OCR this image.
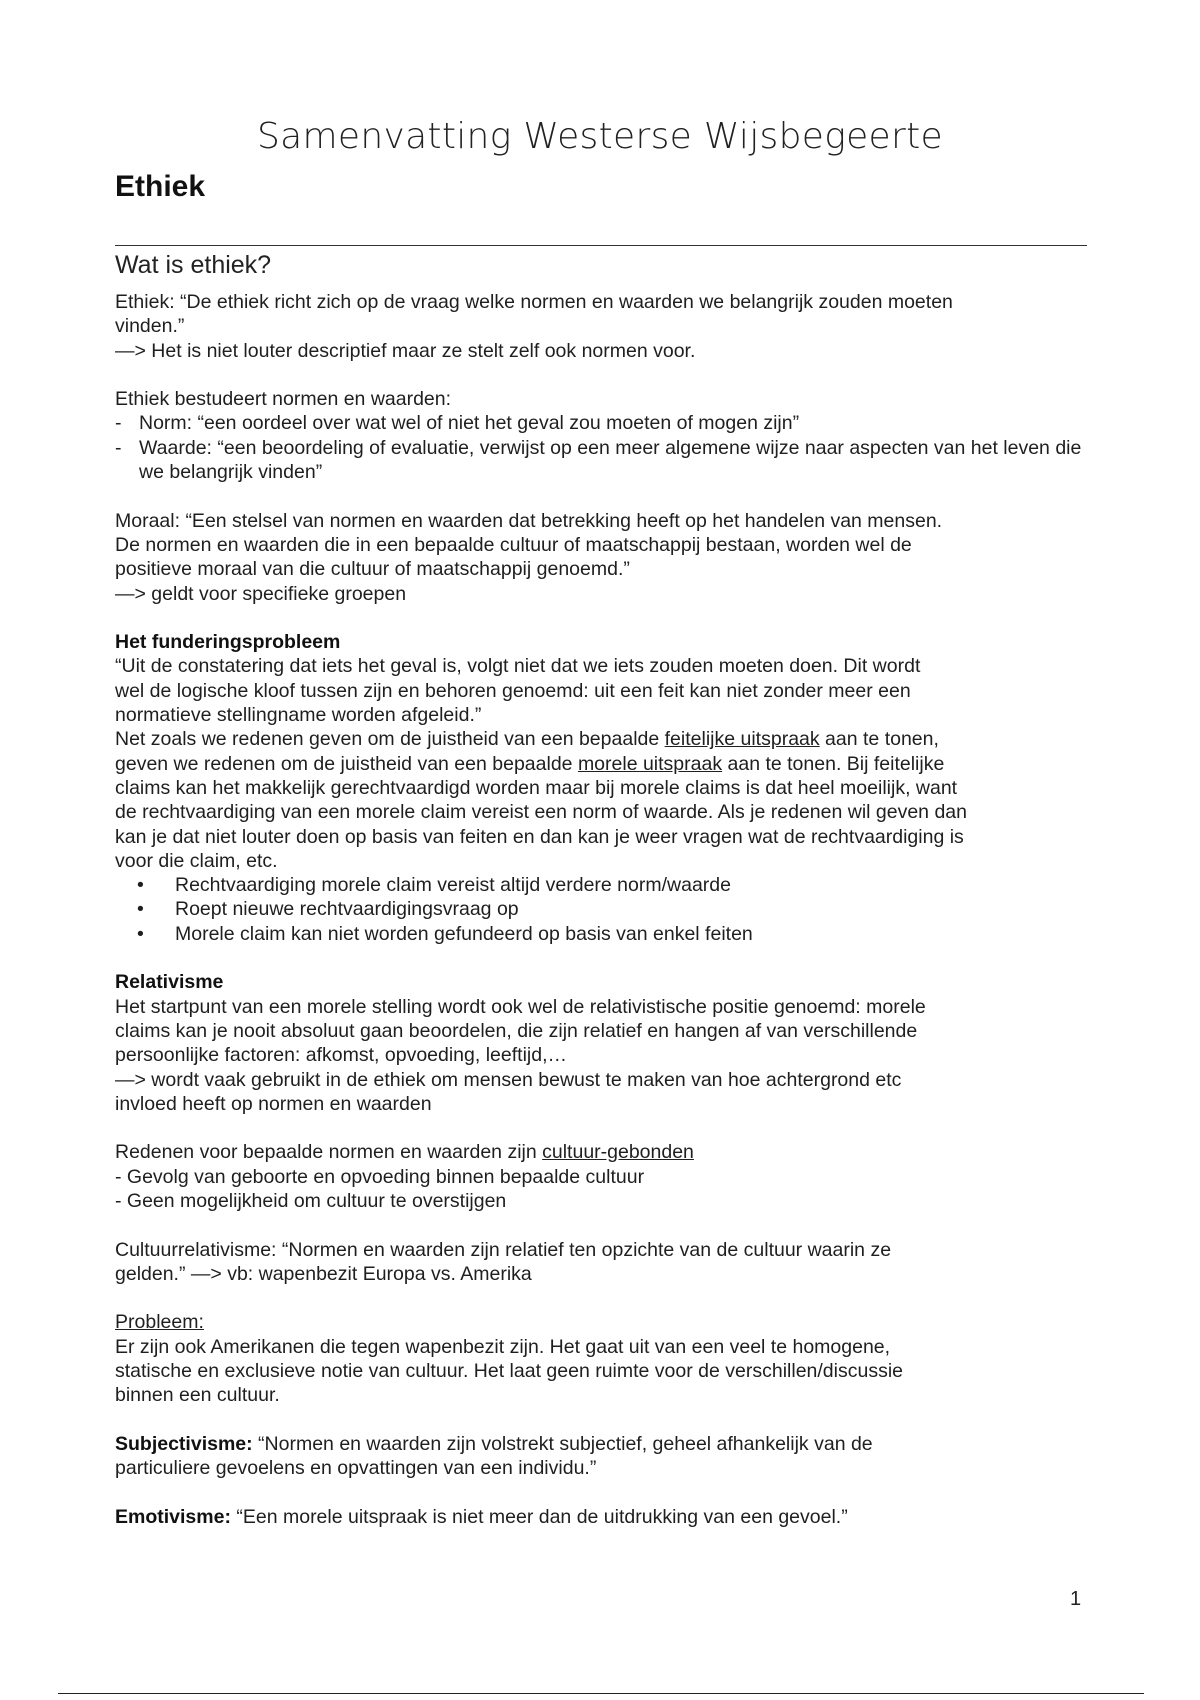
Samenvatting Westerse Wijsbegeerte
Ethiek
Wat is ethiek?

Ethiek: “De ethiek richt zich op de vraag welke normen en waarden we belangrijk zouden moeten

vinden.”

—> Het is niet louter descriptief maar ze stelt zelf ook normen voor.

Ethiek bestudeert normen en waarden:

- Norm: “een oordeel over wat wel of niet het geval zou moeten of mogen zijn”
- Waarde: “een beoordeling of evaluatie, verwijst op een meer algemene wijze naar aspecten van het leven die we belangrijk vinden”

Moraal: “Een stelsel van normen en waarden dat betrekking heeft op het handelen van mensen.

De normen en waarden die in een bepaalde cultuur of maatschappij bestaan, worden wel de

positieve moraal van die cultuur of maatschappij genoemd.”

—> geldt voor specifieke groepen

Het funderingsprobleem

“Uit de constatering dat iets het geval is, volgt niet dat we iets zouden moeten doen. Dit wordt

wel de logische kloof tussen zijn en behoren genoemd: uit een feit kan niet zonder meer een

normatieve stellingname worden afgeleid.”

Net zoals we redenen geven om de juistheid van een bepaalde feitelijke uitspraak aan te tonen,

geven we redenen om de juistheid van een bepaalde morele uitspraak aan te tonen. Bij feitelijke

claims kan het makkelijk gerechtvaardigd worden maar bij morele claims is dat heel moeilijk, want

de rechtvaardiging van een morele claim vereist een norm of waarde. Als je redenen wil geven dan

kan je dat niet louter doen op basis van feiten en dan kan je weer vragen wat de rechtvaardiging is

voor die claim, etc.

• Rechtvaardiging morele claim vereist altijd verdere norm/waarde
• Roept nieuwe rechtvaardigingsvraag op
• Morele claim kan niet worden gefundeerd op basis van enkel feiten

Relativisme

Het startpunt van een morele stelling wordt ook wel de relativistische positie genoemd: morele

claims kan je nooit absoluut gaan beoordelen, die zijn relatief en hangen af van verschillende

persoonlijke factoren: afkomst, opvoeding, leeftijd,…

—> wordt vaak gebruikt in de ethiek om mensen bewust te maken van hoe achtergrond etc

invloed heeft op normen en waarden

Redenen voor bepaalde normen en waarden zijn cultuur-gebonden

- Gevolg van geboorte en opvoeding binnen bepaalde cultuur

- Geen mogelijkheid om cultuur te overstijgen

Cultuurrelativisme: “Normen en waarden zijn relatief ten opzichte van de cultuur waarin ze

gelden.” —> vb: wapenbezit Europa vs. Amerika

Probleem:

Er zijn ook Amerikanen die tegen wapenbezit zijn. Het gaat uit van een veel te homogene,

statische en exclusieve notie van cultuur. Het laat geen ruimte voor de verschillen/discussie

binnen een cultuur.

Subjectivisme: “Normen en waarden zijn volstrekt subjectief, geheel afhankelijk van de

particuliere gevoelens en opvattingen van een individu.”

Emotivisme: “Een morele uitspraak is niet meer dan de uitdrukking van een gevoel.”

1
